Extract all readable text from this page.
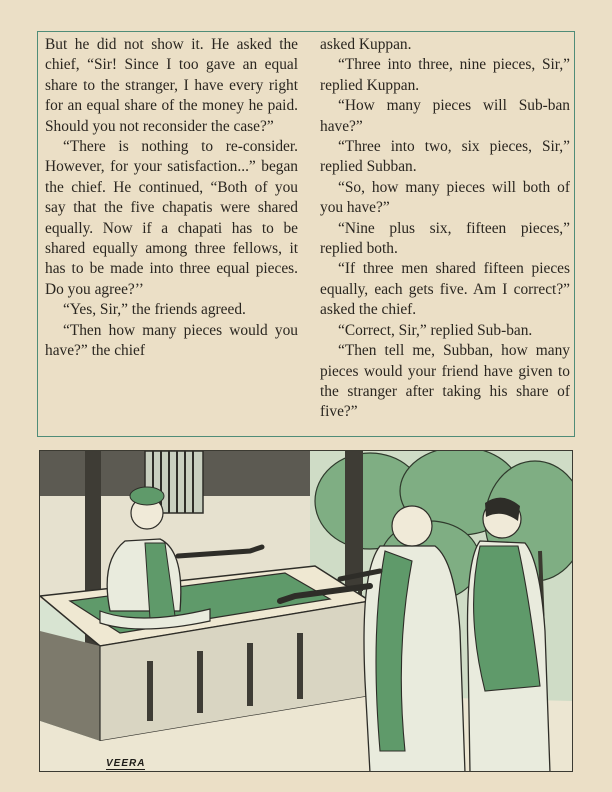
But he did not show it. He asked the chief, “Sir! Since I too gave an equal share to the stranger, I have every right for an equal share of the money he paid. Should you not reconsider the case?”

“There is nothing to re-consider. However, for your satisfaction...” began the chief. He continued, “Both of you say that the five chapatis were shared equally. Now if a chapati has to be shared equally among three fellows, it has to be made into three equal pieces. Do you agree?’’

“Yes, Sir,” the friends agreed.

“Then how many pieces would you have?” the chief

asked Kuppan.

“Three into three, nine pieces, Sir,” replied Kuppan.

“How many pieces will Sub-ban have?”

“Three into two, six pieces, Sir,” replied Subban.

“So, how many pieces will both of you have?”

“Nine plus six, fifteen pieces,” replied both.

“If three men shared fifteen pieces equally, each gets five. Am I correct?” asked the chief.

“Correct, Sir,” replied Sub-ban.

“Then tell me, Subban, how many pieces would your friend have given to the stranger after taking his share of five?”

VEERA
